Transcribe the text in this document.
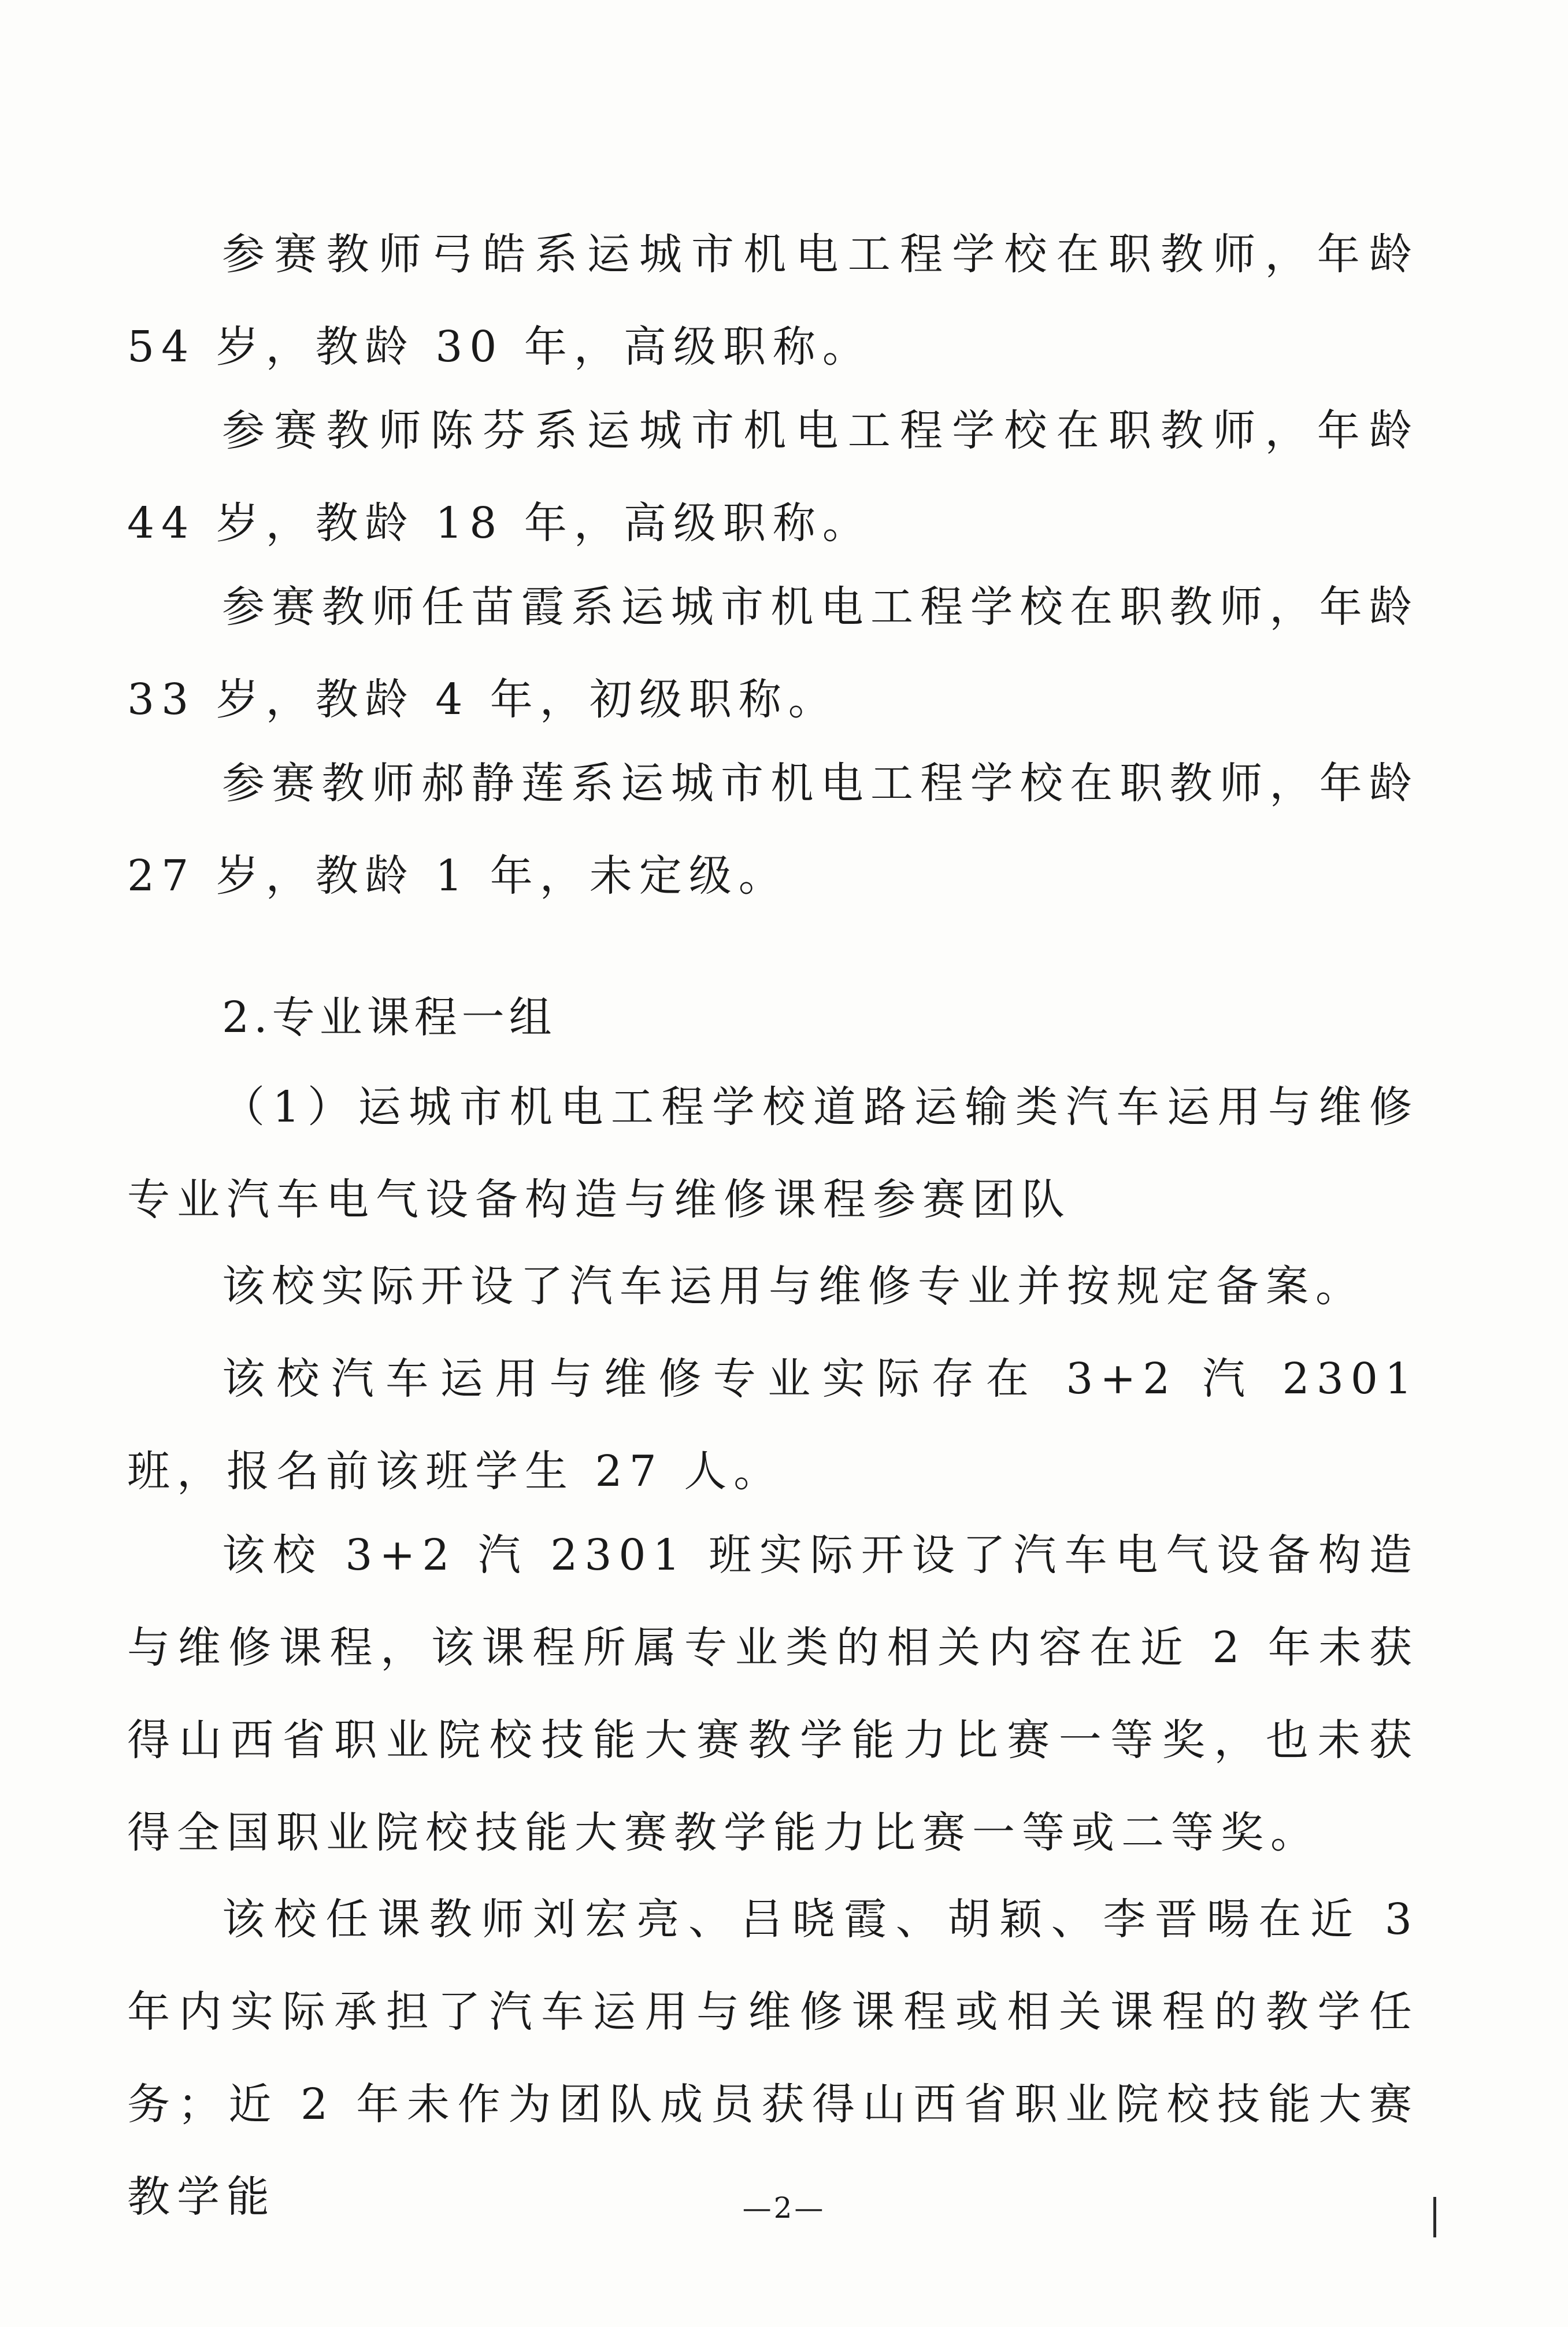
参赛教师弓皓系运城市机电工程学校在职教师，年龄 54 岁，教龄 30 年，高级职称。

参赛教师陈芬系运城市机电工程学校在职教师，年龄 44 岁，教龄 18 年，高级职称。

参赛教师任苗霞系运城市机电工程学校在职教师，年龄 33 岁，教龄 4 年，初级职称。

参赛教师郝静莲系运城市机电工程学校在职教师，年龄 27 岁，教龄 1 年，未定级。

2.专业课程一组

（1）运城市机电工程学校道路运输类汽车运用与维修专业汽车电气设备构造与维修课程参赛团队

该校实际开设了汽车运用与维修专业并按规定备案。

该校汽车运用与维修专业实际存在 3+2 汽 2301 班，报名前该班学生 27 人。

该校 3+2 汽 2301 班实际开设了汽车电气设备构造与维修课程，该课程所属专业类的相关内容在近 2 年未获得山西省职业院校技能大赛教学能力比赛一等奖，也未获得全国职业院校技能大赛教学能力比赛一等或二等奖。

该校任课教师刘宏亮、吕晓霞、胡颖、李晋暘在近 3 年内实际承担了汽车运用与维修课程或相关课程的教学任务；近 2 年未作为团队成员获得山西省职业院校技能大赛教学能	—2—
